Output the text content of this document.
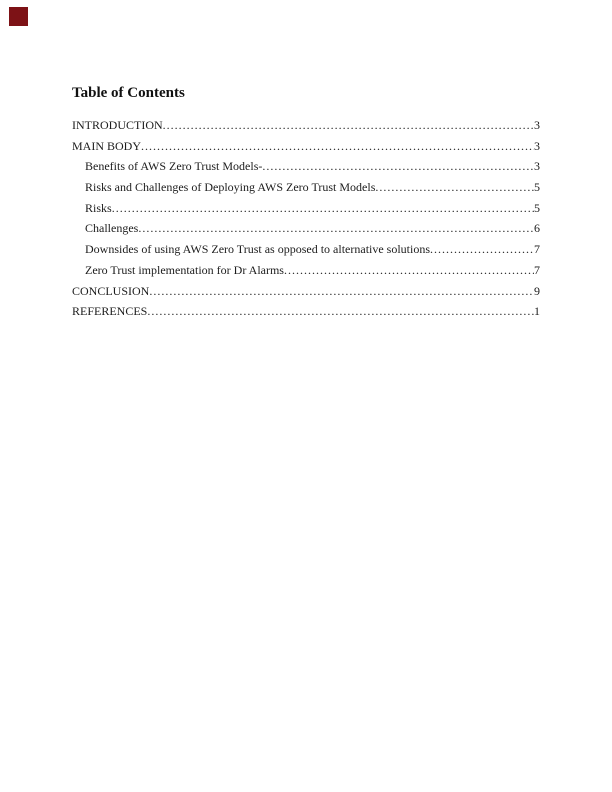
Table of Contents
INTRODUCTION .....	3
MAIN BODY .....	3
Benefits of AWS Zero Trust Models- .....	3
Risks and Challenges of Deploying AWS Zero Trust Models .....	5
Risks .....	5
Challenges .....	6
Downsides of using AWS Zero Trust as opposed to alternative solutions .....	7
Zero Trust implementation for Dr Alarms .....	7
CONCLUSION .....	9
REFERENCES .....	1
